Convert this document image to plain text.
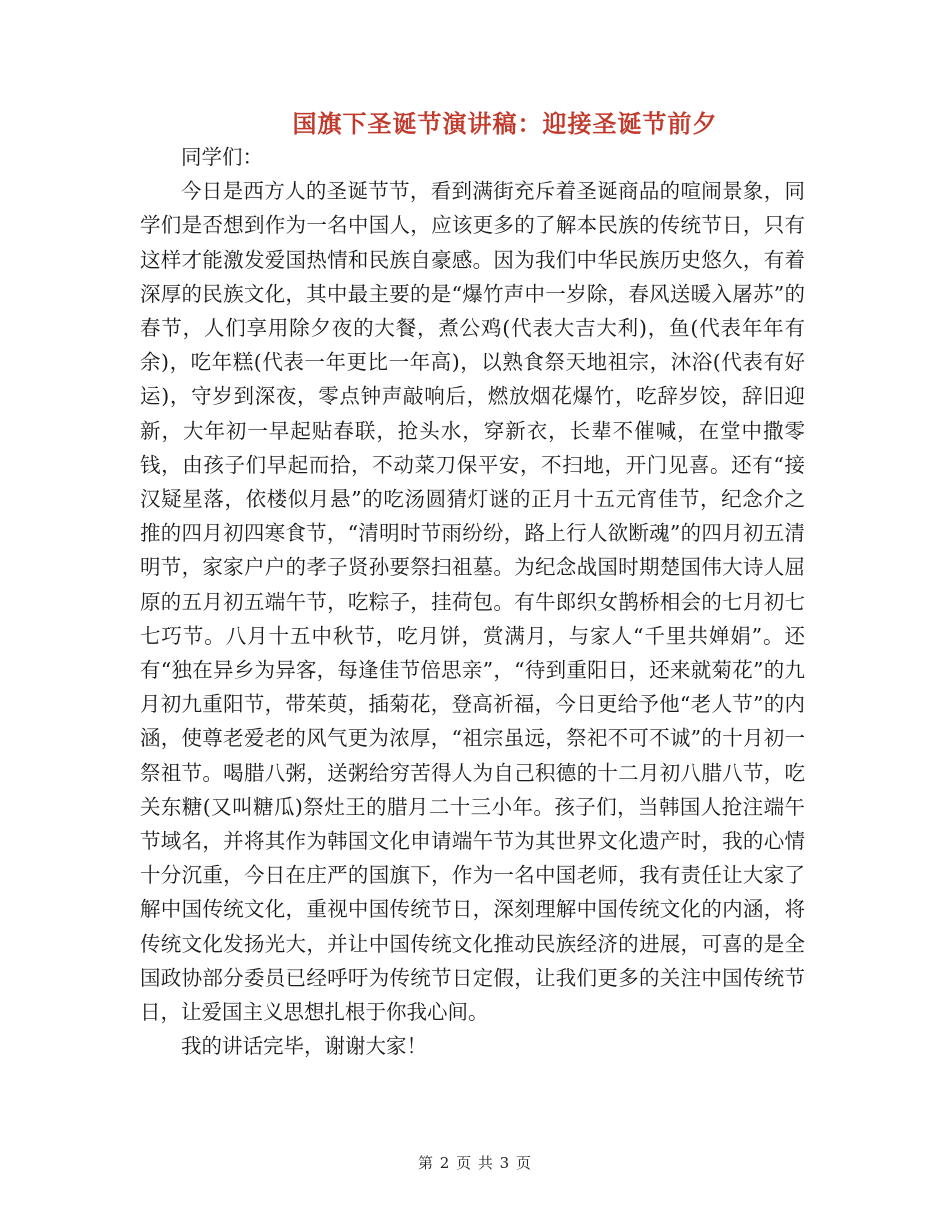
国旗下圣诞节演讲稿：迎接圣诞节前夕

同学们：

今日是西方人的圣诞节节，看到满街充斥着圣诞商品的喧闹景象，同学们是否想到作为一名中国人，应该更多的了解本民族的传统节日，只有这样才能激发爱国热情和民族自豪感。因为我们中华民族历史悠久，有着深厚的民族文化，其中最主要的是“爆竹声中一岁除，春风送暖入屠苏”的春节，人们享用除夕夜的大餐，煮公鸡(代表大吉大利)，鱼(代表年年有余)，吃年糕(代表一年更比一年高)，以熟食祭天地祖宗，沐浴(代表有好运)，守岁到深夜，零点钟声敲响后，燃放烟花爆竹，吃辞岁饺，辞旧迎新，大年初一早起贴春联，抢头水，穿新衣，长辈不催喊，在堂中撒零钱，由孩子们早起而拾，不动菜刀保平安，不扫地，开门见喜。还有“接汉疑星落，依楼似月悬”的吃汤圆猜灯谜的正月十五元宵佳节，纪念介之推的四月初四寒食节，“清明时节雨纷纷，路上行人欲断魂”的四月初五清明节，家家户户的孝子贤孙要祭扫祖墓。为纪念战国时期楚国伟大诗人屈原的五月初五端午节，吃粽子，挂荷包。有牛郎织女鹊桥相会的七月初七七巧节。八月十五中秋节，吃月饼，赏满月，与家人“千里共婵娟”。还有“独在异乡为异客，每逢佳节倍思亲”，“待到重阳日，还来就菊花”的九月初九重阳节，带茱萸，插菊花，登高祈福，今日更给予他“老人节”的内涵，使尊老爱老的风气更为浓厚，“祖宗虽远，祭祀不可不诚”的十月初一祭祖节。喝腊八粥，送粥给穷苦得人为自己积德的十二月初八腊八节，吃关东糖(又叫糖瓜)祭灶王的腊月二十三小年。孩子们，当韩国人抢注端午节域名，并将其作为韩国文化申请端午节为其世界文化遗产时，我的心情十分沉重，今日在庄严的国旗下，作为一名中国老师，我有责任让大家了解中国传统文化，重视中国传统节日，深刻理解中国传统文化的内涵，将传统文化发扬光大，并让中国传统文化推动民族经济的进展，可喜的是全国政协部分委员已经呼吁为传统节日定假，让我们更多的关注中国传统节日，让爱国主义思想扎根于你我心间。

我的讲话完毕，谢谢大家！

第 2 页 共 3 页
